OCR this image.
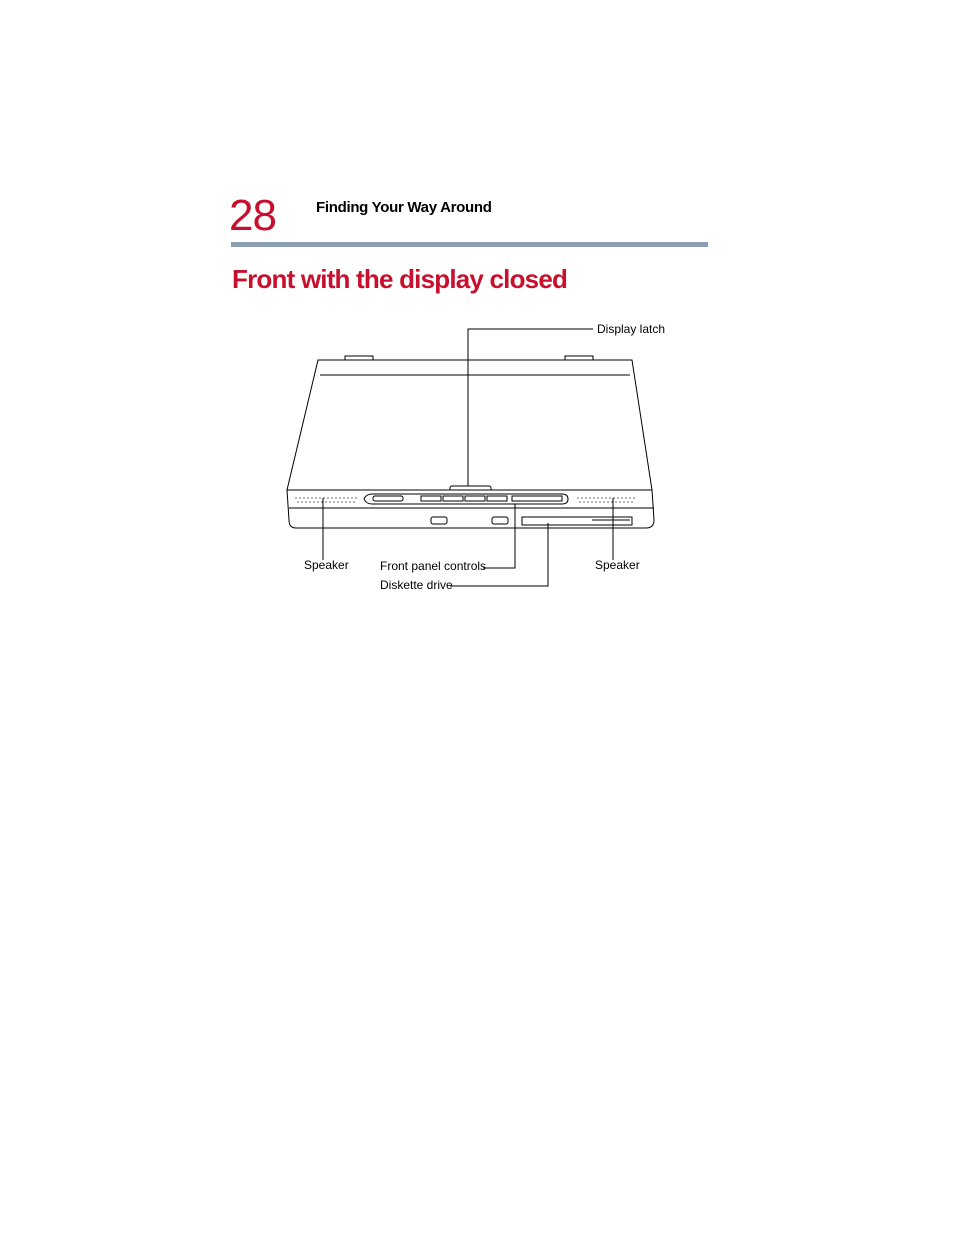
28	Finding Your Way Around
Front with the display closed
Display latch
Speaker	Front panel controls
Diskette drive
Speaker
